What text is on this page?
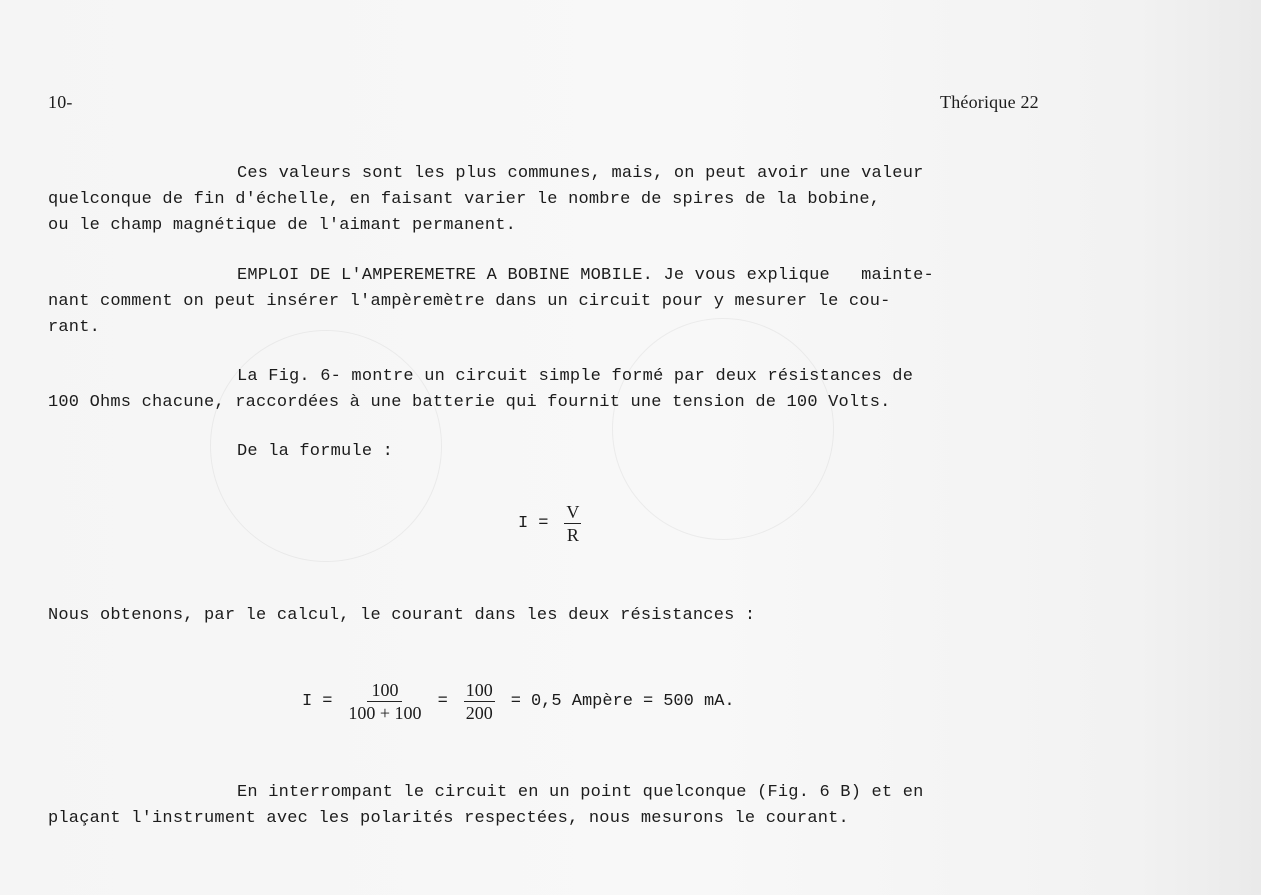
10-	Théorique 22
Ces valeurs sont les plus communes, mais, on peut avoir une valeur
quelconque de fin d'échelle, en faisant varier le nombre de spires de la bobine,
ou le champ magnétique de l'aimant permanent.
EMPLOI DE L'AMPEREMETRE A BOBINE MOBILE. Je vous explique   mainte-
nant comment on peut insérer l'ampèremètre dans un circuit pour y mesurer le cou-
rant.
La Fig. 6- montre un circuit simple formé par deux résistances de
100 Ohms chacune, raccordées à une batterie qui fournit une tension de 100 Volts.
De la formule :
$I = \frac{V}{R}$
Nous obtenons, par le calcul, le courant dans les deux résistances :
$I = \frac{100}{100 + 100} = \frac{100}{200} = 0,5$ Ampère = 500 mA.
En interrompant le circuit en un point quelconque (Fig. 6 B) et en
plaçant l'instrument avec les polarités respectées, nous mesurons le courant.
